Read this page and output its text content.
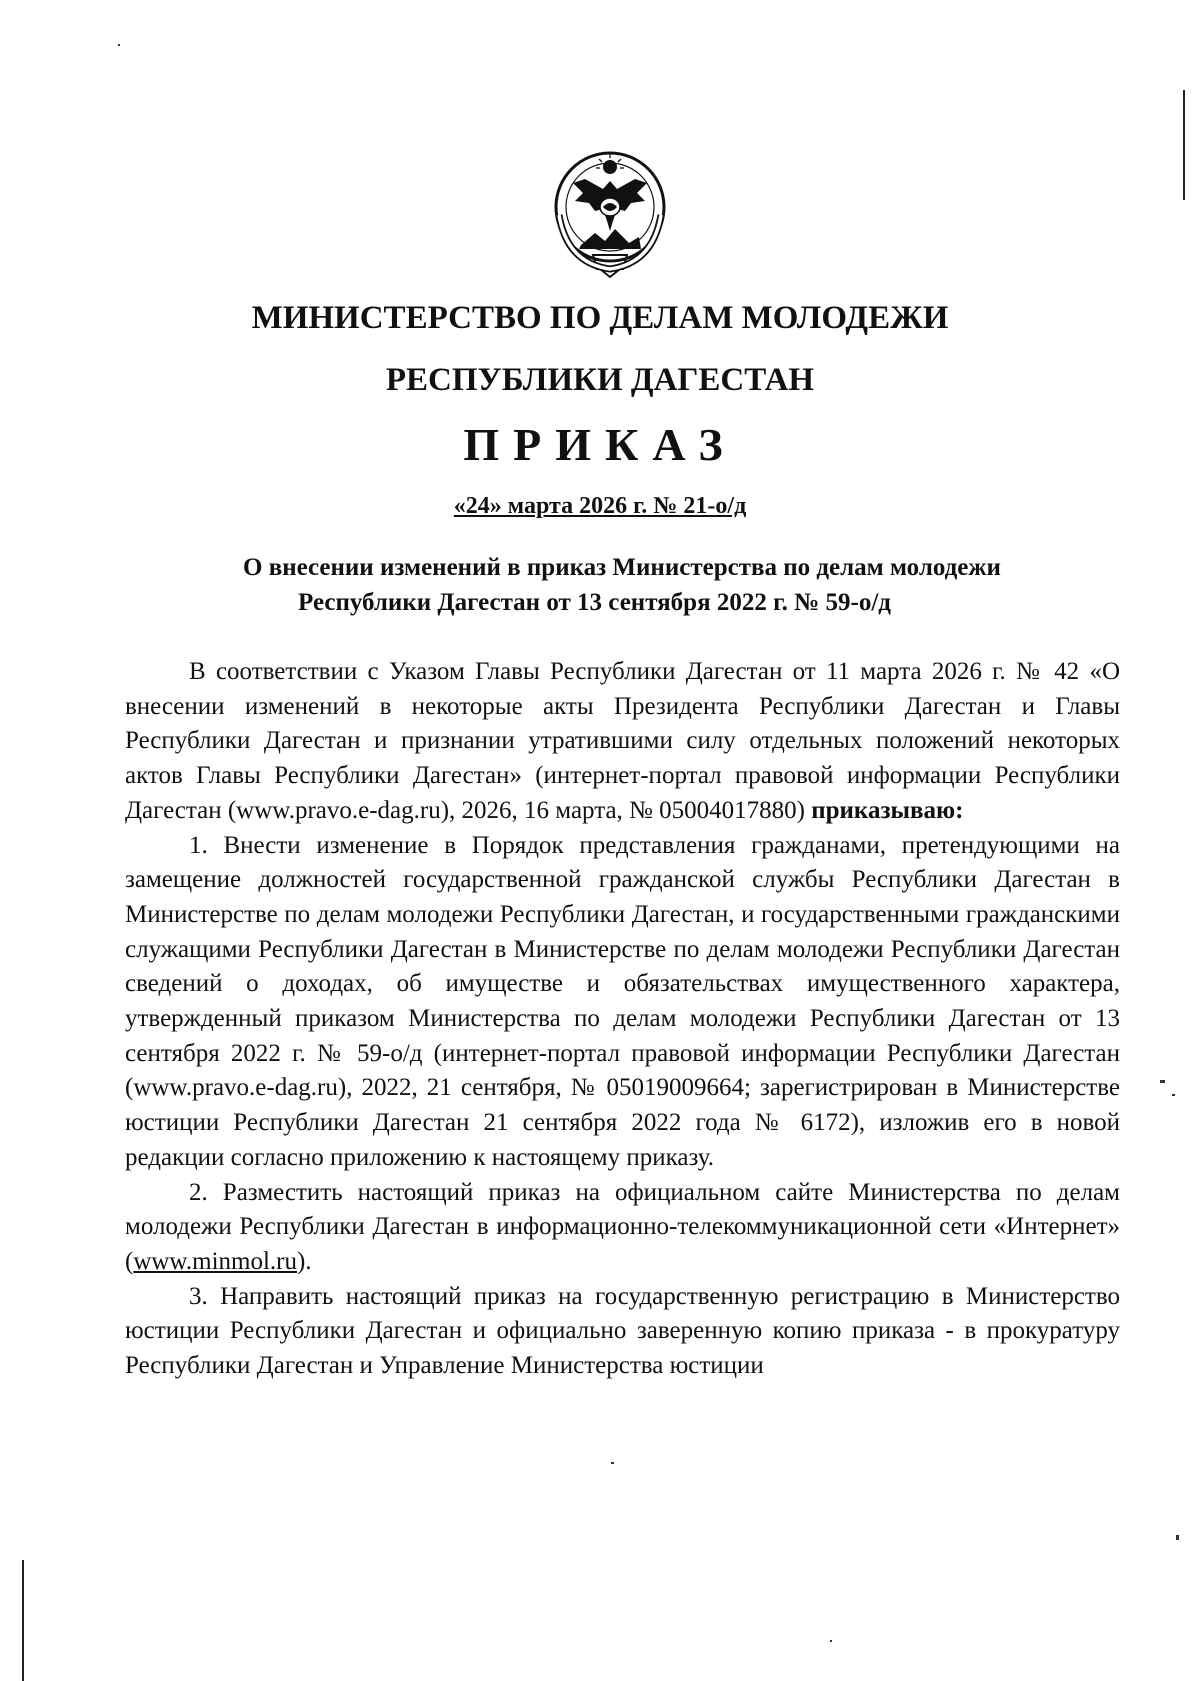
МИНИСТЕРСТВО ПО ДЕЛАМ МОЛОДЕЖИ
РЕСПУБЛИКИ ДАГЕСТАН
ПРИКАЗ
«24» марта 2026 г. № 21-о/д
О внесении изменений в приказ Министерства по делам молодежи
Республики Дагестан от 13 сентября 2022 г. № 59-о/д

В соответствии с Указом Главы Республики Дагестан от 11 марта 2026 г. № 42 «О внесении изменений в некоторые акты Президента Республики Дагестан и Главы Республики Дагестан и признании утратившими силу отдельных положений некоторых актов Главы Республики Дагестан» (интернет-портал правовой информации Республики Дагестан (www.pravo.e-dag.ru), 2026, 16 марта, № 05004017880) приказываю:

1. Внести изменение в Порядок представления гражданами, претендующими на замещение должностей государственной гражданской службы Республики Дагестан в Министерстве по делам молодежи Республики Дагестан, и государственными гражданскими служащими Республики Дагестан в Министерстве по делам молодежи Республики Дагестан сведений о доходах, об имуществе и обязательствах имущественного характера, утвержденный приказом Министерства по делам молодежи Республики Дагестан от 13 сентября 2022 г. № 59-о/д (интернет-портал правовой информации Республики Дагестан (www.pravo.e-dag.ru), 2022, 21 сентября, № 05019009664; зарегистрирован в Министерстве юстиции Республики Дагестан 21 сентября 2022 года № 6172), изложив его в новой редакции согласно приложению к настоящему приказу.

2. Разместить настоящий приказ на официальном сайте Министерства по делам молодежи Республики Дагестан в информационно-телекоммуникационной сети «Интернет» (www.minmol.ru).

3. Направить настоящий приказ на государственную регистрацию в Министерство юстиции Республики Дагестан и официально заверенную копию приказа - в прокуратуру Республики Дагестан и Управление Министерства юстиции
